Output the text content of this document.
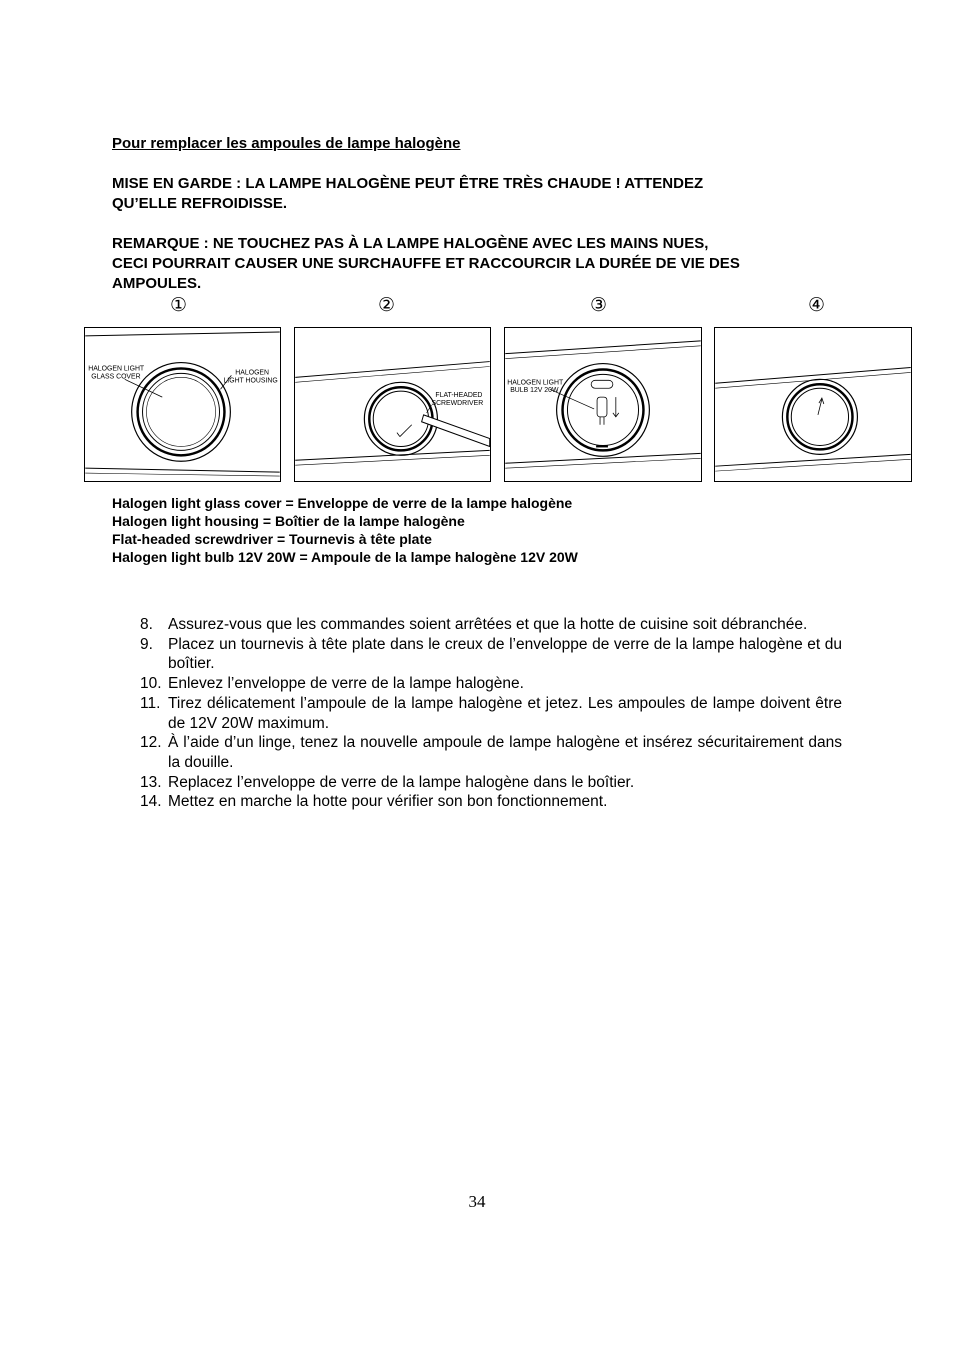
Pour remplacer les ampoules de lampe halogène
MISE EN GARDE : LA LAMPE HALOGÈNE PEUT ÊTRE TRÈS CHAUDE ! ATTENDEZ
QU’ELLE REFROIDISSE.
REMARQUE : NE TOUCHEZ PAS À LA LAMPE HALOGÈNE AVEC LES MAINS NUES,
CECI POURRAIT CAUSER UNE SURCHAUFFE ET RACCOURCIR LA DURÉE DE VIE DES
AMPOULES.
①	②	③	④
HALOGEN LIGHT
GLASS COVER
HALOGEN
LIGHT HOUSING
FLAT-HEADED
SCREWDRIVER
HALOGEN LIGHT
BULB 12V 20W
Halogen light glass cover = Enveloppe de verre de la lampe halogène
Halogen light housing = Boîtier de la lampe halogène
Flat-headed screwdriver = Tournevis à tête plate
Halogen light bulb 12V 20W = Ampoule de la lampe halogène 12V 20W
8. Assurez-vous que les commandes soient arrêtées et que la hotte de cuisine soit débranchée.
9. Placez un tournevis à tête plate dans le creux de l’enveloppe de verre de la lampe halogène et du boîtier.
10. Enlevez l’enveloppe de verre de la lampe halogène.
11. Tirez délicatement l’ampoule de la lampe halogène et jetez. Les ampoules de lampe doivent être de 12V 20W maximum.
12. À l’aide d’un linge, tenez la nouvelle ampoule de lampe halogène et insérez sécuritairement dans la douille.
13. Replacez l’enveloppe de verre de la lampe halogène dans le boîtier.
14. Mettez en marche la hotte pour vérifier son bon fonctionnement.
34
